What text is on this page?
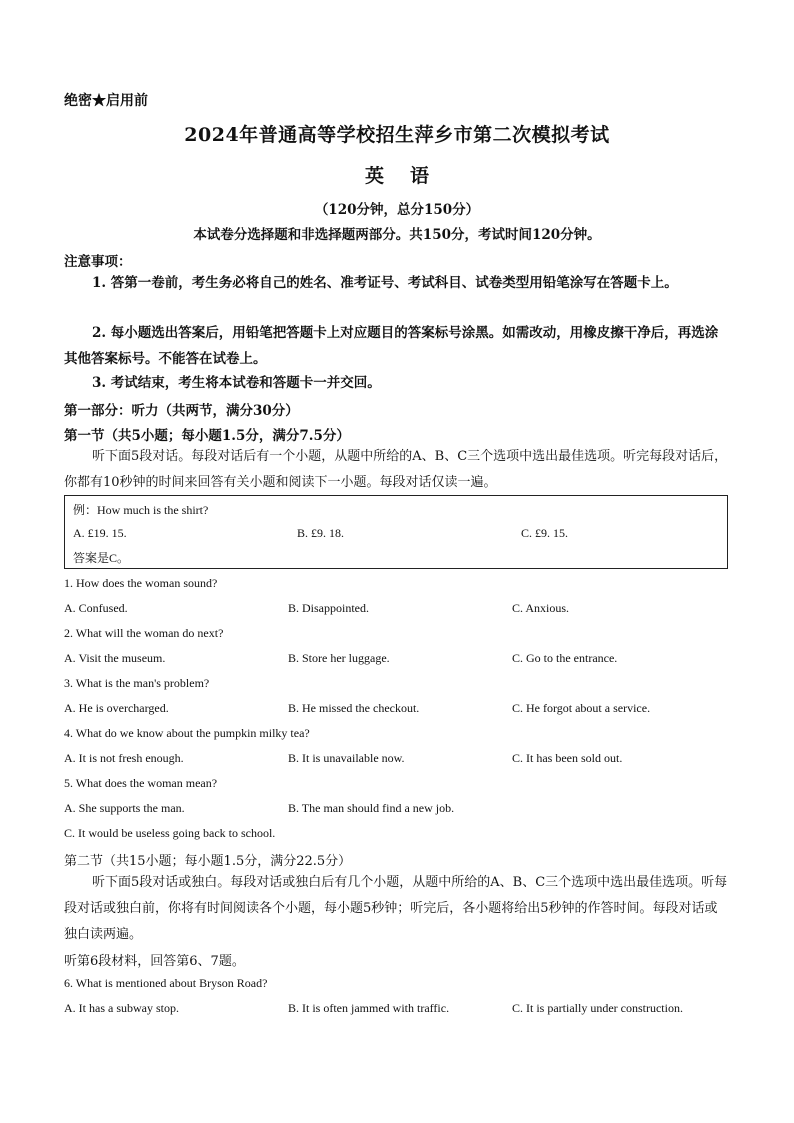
绝密★启用前
2024年普通高等学校招生萍乡市第二次模拟考试
英语
（120分钟，总分150分）
本试卷分选择题和非选择题两部分。共150分，考试时间120分钟。
注意事项：

1. 答第一卷前，考生务必将自己的姓名、准考证号、考试科目、试卷类型用铅笔涂写在答题卡上。

2. 每小题选出答案后，用铅笔把答题卡上对应题目的答案标号涂黑。如需改动，用橡皮擦干净后，再选涂其他答案标号。不能答在试卷上。

3. 考试结束，考生将本试卷和答题卡一并交回。

第一部分：听力（共两节，满分30分）
第一节（共5小题；每小题1.5分，满分7.5分）

听下面5段对话。每段对话后有一个小题，从题中所给的A、B、C三个选项中选出最佳选项。听完每段对话后，你都有10秒钟的时间来回答有关小题和阅读下一小题。每段对话仅读一遍。

例：How much is the shirt?
A. £19. 15.	B. £9. 18.	C. £9. 15.
答案是C。
1. How does the woman sound?
A. Confused.	B. Disappointed.	C. Anxious.
2. What will the woman do next?
A. Visit the museum.	B. Store her luggage.	C. Go to the entrance.
3. What is the man's problem?
A. He is overcharged.	B. He missed the checkout.	C. He forgot about a service.
4. What do we know about the pumpkin milky tea?
A. It is not fresh enough.	B. It is unavailable now.	C. It has been sold out.
5. What does the woman mean?
A. She supports the man.	B. The man should find a new job.
C. It would be useless going back to school.
第二节（共15小题；每小题1.5分，满分22.5分）

听下面5段对话或独白。每段对话或独白后有几个小题，从题中所给的A、B、C三个选项中选出最佳选项。听每段对话或独白前，你将有时间阅读各个小题，每小题5秒钟；听完后，各小题将给出5秒钟的作答时间。每段对话或独白读两遍。

听第6段材料，回答第6、7题。
6. What is mentioned about Bryson Road?
A. It has a subway stop.	B. It is often jammed with traffic.	C. It is partially under construction.
